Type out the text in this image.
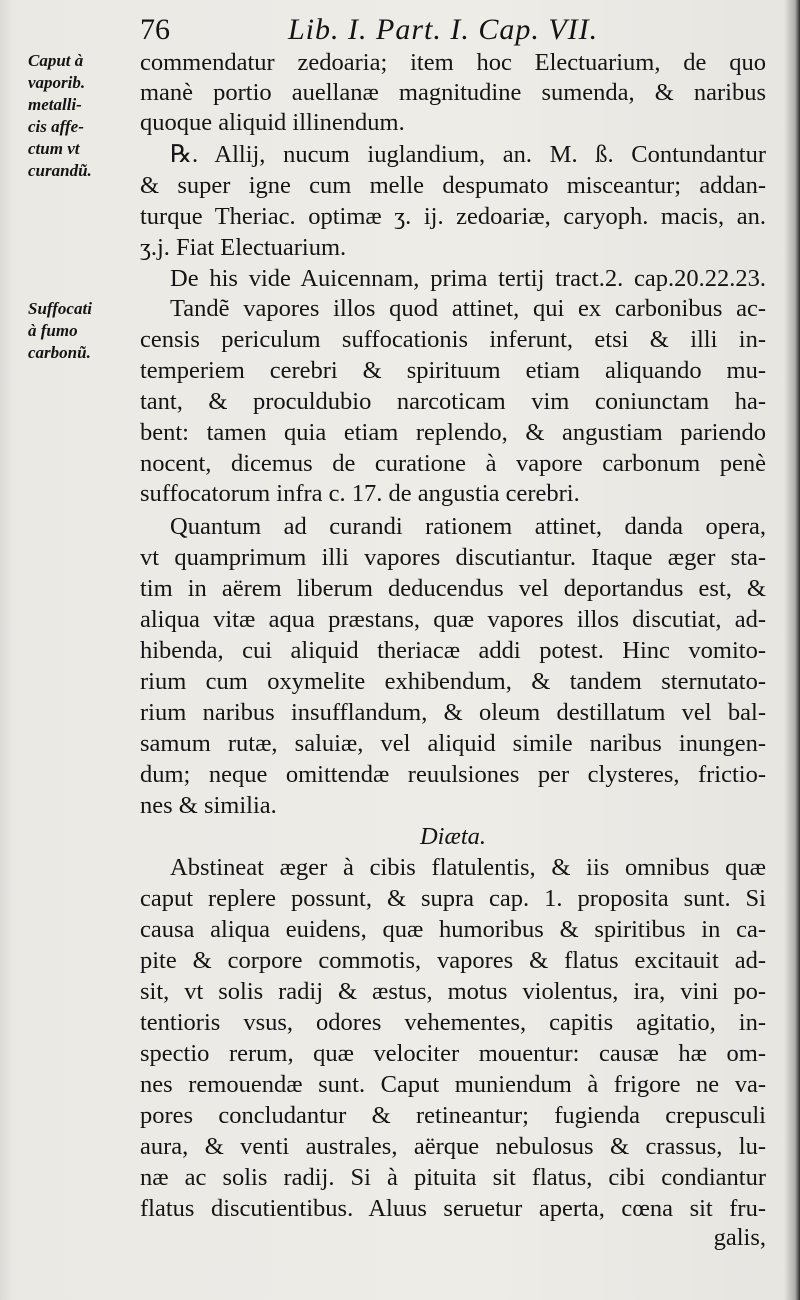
76	Lib. I. Part. I. Cap. VII.
Caput à
vaporib.
metalli-
cis affe-
ctum vt
curandũ.
Suffocati
à fumo
carbonũ.
commendatur zedoaria; item hoc Electuarium, de quo
manè portio auellanæ magnitudine sumenda, & naribus
quoque aliquid illinendum.
℞. Allij, nucum iuglandium, an. M. ß. Contundantur
& super igne cum melle despumato misceantur; addan-
turque Theriac. optimæ ʒ. ij. zedoariæ, caryoph. macis, an.
ʒ.j. Fiat Electuarium.
De his vide Auicennam, prima tertij tract.2. cap.20.22.23.
Tandẽ vapores illos quod attinet, qui ex carbonibus ac-
censis periculum suffocationis inferunt, etsi & illi in-
temperiem cerebri & spirituum etiam aliquando mu-
tant, & proculdubio narcoticam vim coniunctam ha-
bent: tamen quia etiam replendo, & angustiam pariendo
nocent, dicemus de curatione à vapore carbonum penè
suffocatorum infra c. 17. de angustia cerebri.
Quantum ad curandi rationem attinet, danda opera,
vt quamprimum illi vapores discutiantur. Itaque æger sta-
tim in aërem liberum deducendus vel deportandus est, &
aliqua vitæ aqua præstans, quæ vapores illos discutiat, ad-
hibenda, cui aliquid theriacæ addi potest. Hinc vomito-
rium cum oxymelite exhibendum, & tandem sternutato-
rium naribus insufflandum, & oleum destillatum vel bal-
samum rutæ, saluiæ, vel aliquid simile naribus inungen-
dum; neque omittendæ reuulsiones per clysteres, frictio-
nes & similia.
Diæta.
Abstineat æger à cibis flatulentis, & iis omnibus quæ
caput replere possunt, & supra cap. 1. proposita sunt. Si
causa aliqua euidens, quæ humoribus & spiritibus in ca-
pite & corpore commotis, vapores & flatus excitauit ad-
sit, vt solis radij & æstus, motus violentus, ira, vini po-
tentioris vsus, odores vehementes, capitis agitatio, in-
spectio rerum, quæ velociter mouentur: causæ hæ om-
nes remouendæ sunt. Caput muniendum à frigore ne va-
pores concludantur & retineantur; fugienda crepusculi
aura, & venti australes, aërque nebulosus & crassus, lu-
næ ac solis radij. Si à pituita sit flatus, cibi condiantur
flatus discutientibus. Aluus seruetur aperta, cœna sit fru-
galis,
